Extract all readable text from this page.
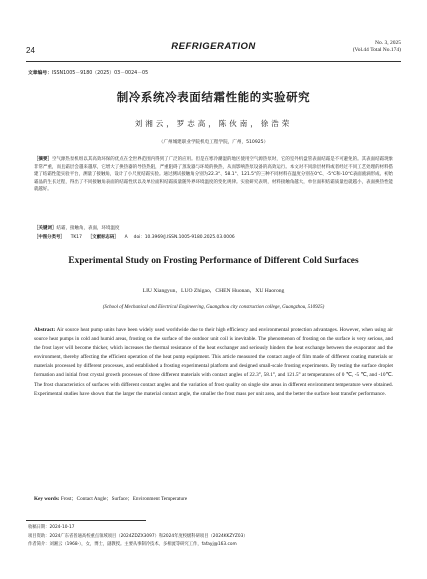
24	REFRIGERATION	No. 3, 2025
(Vol.44 Total No.174)
文章编号：ISSN1005－9180（2025）03－0024－05
制冷系统冷表面结霜性能的实验研究
刘湘云，罗志高，陈伙南，徐浩荣
（广州城建职业学院机电工程学院，广州，510925）
［摘要］空气源热泵机组以其高效环保的优点在全世界范围内得到了广泛的应用。但是在寒冷潮湿的地区使用空气源热泵时，它的室外机盘管表面结霜是不可避免的。其表面结霜现象非常严重，而且霜层会越来越厚，它增大了换热器的导热热阻，严重阻碍了蒸发器与环境的换热，从而影响热泵设备的高效运行。本文对不同涂层材料或者经过不同工艺处理的材料搭建了结霜性能实验平台，测量了接触角，设计了小尺度结霜实验。通过测试接触角分别为22.3°、58.1°、121.5°的三种不同材料在温度分别在0℃、-5℃和-10℃表面液滴形成、初始霜晶的生长过程，得出了不同接触角表面的结霜性状以及单位面积结霜质量随外界环境温度的变化规律。实验研究表明，材料接触角越大，单位面积结霜质量也就越小，表面换热性能就越好。
［关键词］结霜，接触角，表面，环境温度
［中图分类号］ TK17 ［文献标志码］ A doi：10.3969/J.ISSN.1005-9180.2025.03.0006
Experimental Study on Frosting Performance of Different Cold Surfaces
LIU Xiangyun，LUO Zhigao，CHEN Huonan，XU Haorong
(School of Mechanical and Electrical Engineering, Guangzhou city construction college, Guangzhou, 510925)
Abstract: Air source heat pump units have been widely used worldwide due to their high efficiency and environmental protection advantages. However, when using air source heat pumps in cold and humid areas, frosting on the surface of the outdoor unit coil is inevitable. The phenomenon of frosting on the surface is very serious, and the frost layer will become thicker, which increases the thermal resistance of the heat exchanger and seriously hinders the heat exchange between the evaporator and the environment, thereby affecting the efficient operation of the heat pump equipment. This article measured the contact angle of film made of different coating materials or materials processed by different processes, and established a frosting experimental platform and designed small-scale frosting experiments. By testing the surface droplet formation and initial frost crystal growth processes of three different materials with contact angles of 22.3°, 58.1°, and 121.5° at temperatures of 0 ℃, -5 ℃, and -10℃. The frost characteristics of surfaces with different contact angles and the variation of frost quality on single site areas in different environment temperature were obtained. Experimental studies have shown that the larger the material contact angle, the smaller the frost mass per unit area, and the better the surface heat transfer performance.
Key words: Frost；Contact Angle；Surface；Environment Temperature
收稿日期：2024-10-17
项目资助：2024广东省普通高校重点领域项目（2024ZDZX3097）和2024年度校级科研项目（2024KKZYZ03）
作者简介：刘湘云（1968-），女，博士，副教授。主要从事制冷技术、多相流等研究工作，fafayj@163.com
